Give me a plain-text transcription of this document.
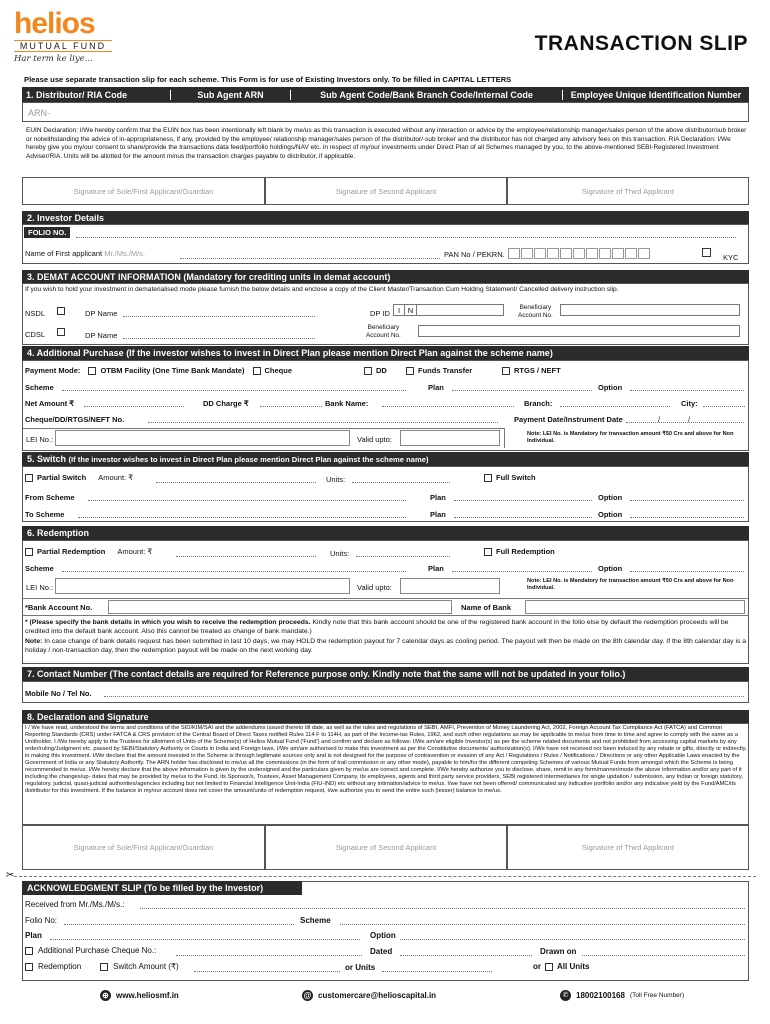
helios
MUTUAL FUND
Har term ke liye...
TRANSACTION SLIP
Please use separate transaction slip for each scheme. This Form is for use of Existing Investors only. To be filled in CAPITAL LETTERS
1. Distributor/ RIA Code	Sub Agent ARN	Sub Agent Code/Bank Branch Code/Internal Code	Employee Unique Identification Number
ARN-
EUIN Declaration: I/We hereby confirm that the EUIN box has been intentionally left blank by me/us as this transaction is executed without any interaction or advice by the employee/relationship manager/sales person of the above distributor/sub broker or notwithstanding the advice of in-appropriateness, if any, provided by the employee/ relationship manager/sales person of the distributor/-sub broker and the distributor has not charged any advisory fees on this transaction. RIA Declaration: I/We hereby give you my/our consent to share/provide the transactions data feed/portfolio holdings/NAV etc. in respect of my/our investments under Direct Plan of all Schemes managed by you, to the above-mentioned SEBI-Registered Investment Adviser/RIA. Units will be allotted for the amount minus the transaction charges payable to distributor, if applicable.
Signature of Sole/First Applicant/Guardian	Signature of Second Applicant	Signature of Third Applicant
2. Investor Details
FOLIO NO.
Name of First applicant
Mr./Ms./M/s.	PAN No / PEKRN.	KYC
3. DEMAT ACCOUNT INFORMATION (Mandatory for crediting units in demat account)
If you wish to hold your investment in dematerialised mode please furnish the below details and enclose a copy of the Client Master/Transaction Cum Holding Statement/ Cancelled delivery instruction slip.
NSDL	DP Name	DP ID	I	N	Beneficiary
Account No.
CDSL	DP Name
Beneficiary
Account No.
4. Additional Purchase (If the investor wishes to invest in Direct Plan please mention Direct Plan against the scheme name)
Payment Mode:	OTBM Facility (One Time Bank Mandate)	Cheque	DD	Funds Transfer	RTGS / NEFT
Scheme	Plan	Option
Net Amount ₹	DD Charge ₹	Bank Name:	Branch:	City:
Cheque/DD/RTGS/NEFT No.	Payment Date/Instrument Date	/	/
LEI No.:	Valid upto:
Note: LEI No. is Mandatory for transaction amount ₹50 Crs and above for Non Individual.
5. Switch
(If the investor wishes to invest in Direct Plan please mention Direct Plan against the scheme name)
Partial Switch Amount: ₹	Units:	Full Switch
From Scheme	Plan	Option
To Scheme	Plan	Option
6. Redemption
Partial Redemption Amount: ₹	Units:	Full Redemption
Scheme	Plan	Option
LEI No.:	Valid upto:
Note: LEI No. is Mandatory for transaction amount ₹50 Crs and above for Non Individual.
*Bank Account No.	Name of Bank
* (Please specify the bank details in which you wish to receive the redemption proceeds. Kindly note that this bank account should be one of the registered bank account in the folio else by default the redemption proceeds will be credited into the default bank account. Also this cannot be treated as change of bank mandate.)
Note: In case change of bank details request has been submitted in last 10 days, we may HOLD the redemption payout for 7 calendar days as cooling period. The payout will then be made on the 8th calendar day. If the 8th calendar day is a holiday / non-transaction day, then the redemption payout will be made on the next working day.
7. Contact Number (The contact details are required for Reference purpose only. Kindly note that the same will not be updated in your folio.)
Mobile No / Tel No.
8. Declaration and Signature
I / We have read, understood the terms and conditions of the SID/KIM/SAI and the addendums issued thereto till date, as well as the rules and regulations of SEBI, AMFI, Prevention of Money Laundering Act, 2002, Foreign Account Tax Compliance Act (FATCA) and Common Reporting Standards (CRS) under FATCA & CRS provision of the Central Board of Direct Taxes notified Rules 114 F to 114H, as part of the Income-tax Rules, 1962, and such other regulations as may be applicable to me/us from time to time and agree to comply with the same as a Unitholder. I /We hereby apply to the Trustees for allotment of Units of the Scheme(s) of Helios Mutual Fund ('Fund') and confirm and declare as follows: I/We am/are eligible Investor(s) as per the scheme related documents and not prohibited from accessing capital markets by any order/ruling/Judgment etc. passed by SEBI/Statutory Authority or Courts in India and Foreign laws. I/We am/are authorised to make this investment as per the Constitutive documents/ authorization(s). I/We have not received nor been induced by any rebate or gifts, directly or indirectly, in making this investment. I/We declare that the amount invested in the Scheme is through legitimate sources only and is not designed for the purpose of contravention or evasion of any Act / Regulations / Rules / Notifications / Directions or any other Applicable Laws enacted by the Government of India or any Statutory Authority. The ARN holder has disclosed to me/us all the commissions (in the form of trail commission or any other mode), payable to him/for the different competing Schemes of various Mutual Funds from amongst which the Scheme is being recommended to me/us. I/We hereby declare that the above information is given by the undersigned and the particulars given by me/us are correct and complete. I/We hereby authorize you to disclose, share, remit in any form/manner/mode the above information and/or any part of it including the changes/up- dates that may be provided by me/us to the Fund, its Sponsor/s, Trustees, Asset Management Company, its employees, agents and third party service providers, SEBI registered intermediaries for single updation / submission, any Indian or foreign statutory, regulatory, judicial, quasi-judicial authorities/agencies including but not limited to Financial Intelligence Unit-India (FIU-IND) etc without any intimation/advice to me/us. I/we have not been offered/ communicated any indicative portfolio and/or any indicative yield by the Fund/AMC/its distributor for this investment. If the balance in my/our account does not cover the amount/units of redemption request, I/we authorize you to send the entire such (lesser) balance to me/us.
Signature of Sole/First Applicant/Guardian	Signature of Second Applicant	Signature of Third Applicant
✂
ACKNOWLEDGMENT SLIP (To be filled by the Investor)
Received from Mr./Ms./M/s.:
Folio No:	Scheme
Plan	Option
Additional Purchase Cheque No.:	Dated	Drawn on
Redemption	Switch Amount (₹)	or Units	or All Units
⊕ www.heliosmf.in	@ customercare@helioscapital.in	✆ 18002100168 (Toll Free Number)
